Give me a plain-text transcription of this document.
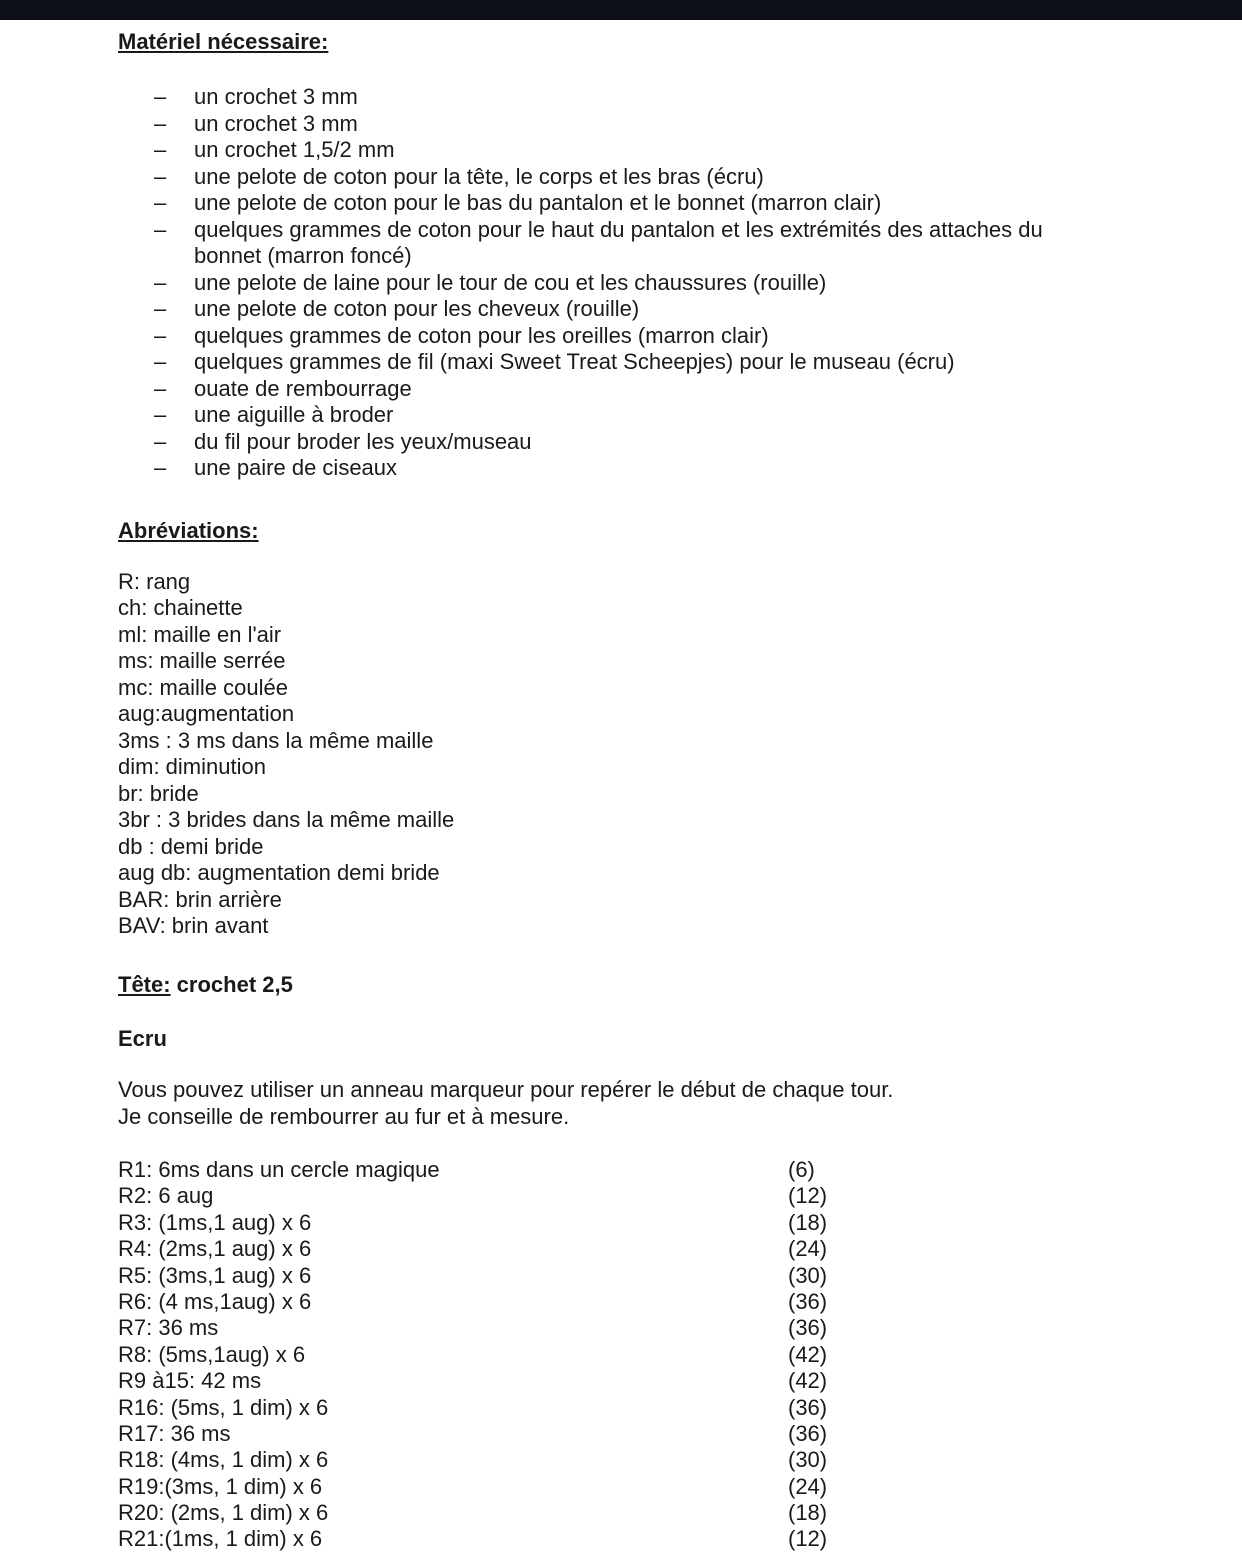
Matériel nécessaire:
– un crochet 3 mm
– un crochet 3 mm
– un crochet 1,5/2 mm
– une pelote de coton pour la tête, le corps et les bras (écru)
– une pelote de coton pour le bas du pantalon et le bonnet (marron clair)
– quelques grammes de coton pour le haut du pantalon et les extrémités des attaches du bonnet (marron foncé)
– une pelote de laine pour le tour de cou et les chaussures (rouille)
– une pelote de coton pour les cheveux (rouille)
– quelques grammes de coton pour les oreilles (marron clair)
– quelques grammes de fil (maxi Sweet Treat Scheepjes) pour le museau (écru)
– ouate de rembourrage
– une aiguille à broder
– du fil pour broder les yeux/museau
– une paire de ciseaux
Abréviations:
R: rang
ch: chainette
ml: maille en l'air
ms: maille serrée
mc: maille coulée
aug:augmentation
3ms : 3 ms dans la même maille
dim: diminution
br: bride
3br : 3 brides dans la même maille
db : demi bride
aug db: augmentation demi bride
BAR: brin arrière
BAV: brin avant
Tête: crochet 2,5
Ecru
Vous pouvez utiliser un anneau marqueur pour repérer le début de chaque tour.
Je conseille de rembourrer au fur et à mesure.
R1: 6ms dans un cercle magique	(6)
R2: 6 aug	(12)
R3: (1ms,1 aug) x 6	(18)
R4: (2ms,1 aug) x 6	(24)
R5: (3ms,1 aug) x 6	(30)
R6: (4 ms,1aug) x 6	(36)
R7: 36 ms	(36)
R8: (5ms,1aug) x 6	(42)
R9 à15: 42 ms	(42)
R16: (5ms, 1 dim) x 6	(36)
R17: 36 ms	(36)
R18: (4ms, 1 dim) x 6	(30)
R19:(3ms, 1 dim) x 6	(24)
R20: (2ms, 1 dim) x 6	(18)
R21:(1ms, 1 dim) x 6	(12)
